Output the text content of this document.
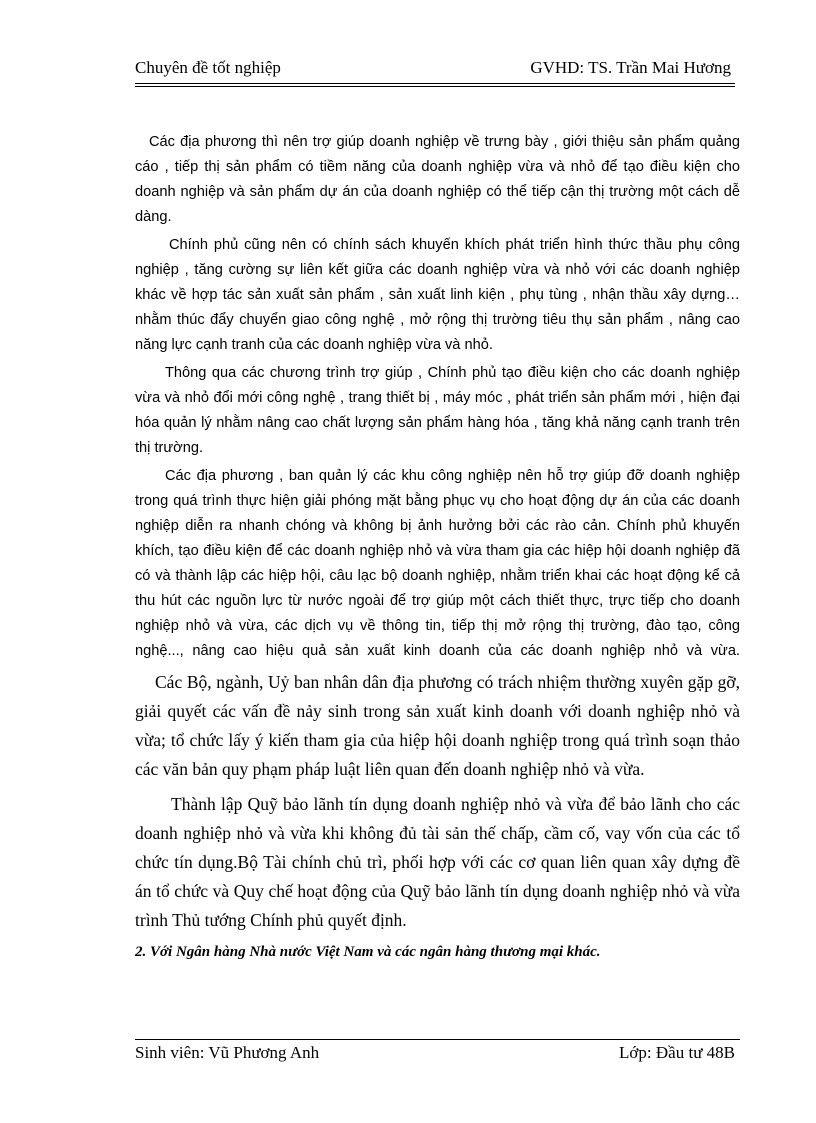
Chuyên đề tốt nghiệp	GVHD: TS. Trần Mai Hương

Các địa phương thì nên trợ giúp doanh nghiệp về trưng bày , giới thiệu sản phẩm quảng cáo , tiếp thị sản phẩm có tiềm năng của doanh nghiệp vừa và nhỏ để tạo điều kiện cho doanh nghiệp và sản phẩm dự án của doanh nghiệp có thể tiếp cận thị trường một cách dễ dàng.

Chính phủ cũng nên có chính sách khuyến khích phát triển hình thức thầu phụ công nghiệp , tăng cường sự liên kết giữa các doanh nghiệp vừa và nhỏ với các doanh nghiệp khác về hợp tác sản xuất sản phẩm , sản xuất linh kiện , phụ tùng , nhận thầu xây dựng…nhằm thúc đẩy chuyển giao công nghệ , mở rộng thị trường tiêu thụ sản phẩm , nâng cao năng lực cạnh tranh của các doanh nghiệp vừa và nhỏ.

Thông qua các chương trình trợ giúp , Chính phủ tạo điều kiện cho các doanh nghiệp vừa và nhỏ đổi mới công nghệ , trang thiết bị , máy móc , phát triển sản phẩm mới , hiện đại hóa quản lý nhằm nâng cao chất lượng sản phẩm hàng hóa , tăng khả năng cạnh tranh trên thị trường.

Các địa phương , ban quản lý các khu công nghiệp nên hỗ trợ giúp đỡ doanh nghiệp trong quá trình thực hiện giải phóng mặt bằng phục vụ cho hoạt động dự án của các doanh nghiệp diễn ra nhanh chóng và không bị ảnh hưởng bởi các rào cản. Chính phủ khuyến khích, tạo điều kiện để các doanh nghiệp nhỏ và vừa tham gia các hiệp hội doanh nghiệp đã có và thành lập các hiệp hội, câu lạc bộ doanh nghiệp, nhằm triển khai các hoạt động kể cả thu hút các nguồn lực từ nước ngoài để trợ giúp một cách thiết thực, trực tiếp cho doanh nghiệp nhỏ và vừa, các dịch vụ về thông tin, tiếp thị mở rộng thị trường, đào tạo, công nghệ..., nâng cao hiệu quả sản xuất kinh doanh của các doanh nghiệp nhỏ và vừa.

Các Bộ, ngành, Uỷ ban nhân dân địa phương có trách nhiệm thường xuyên gặp gỡ, giải quyết các vấn đề nảy sinh trong sản xuất kinh doanh với doanh nghiệp nhỏ và vừa; tổ chức lấy ý kiến tham gia của hiệp hội doanh nghiệp trong quá trình soạn thảo các văn bản quy phạm pháp luật liên quan đến doanh nghiệp nhỏ và vừa.

Thành lập Quỹ bảo lãnh tín dụng doanh nghiệp nhỏ và vừa để bảo lãnh cho các doanh nghiệp nhỏ và vừa khi không đủ tài sản thế chấp, cầm cố, vay vốn của các tổ chức tín dụng.Bộ Tài chính chủ trì, phối hợp với các cơ quan liên quan xây dựng đề án tổ chức và Quy chế hoạt động của Quỹ bảo lãnh tín dụng doanh nghiệp nhỏ và vừa trình Thủ tướng Chính phủ quyết định.

2. Với Ngân hàng Nhà nước Việt Nam và các ngân hàng thương mại khác.

Sinh viên: Vũ Phương Anh	Lớp: Đầu tư 48B
